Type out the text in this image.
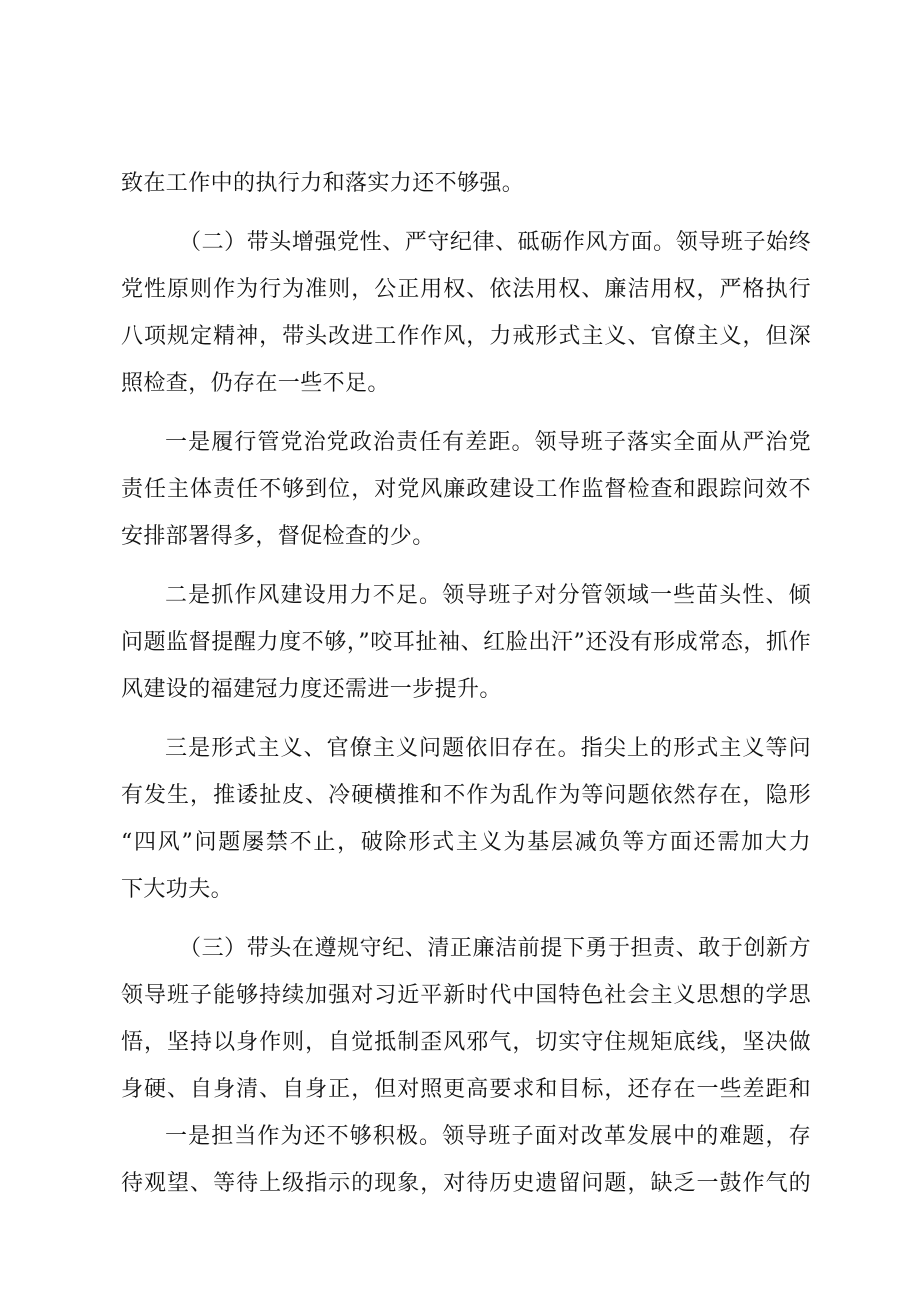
致在工作中的执行力和落实力还不够强。
（二）带头增强党性、严守纪律、砥砺作风方面。领导班子始终
党性原则作为行为准则，公正用权、依法用权、廉洁用权，严格执行
八项规定精神，带头改进工作作风，力戒形式主义、官僚主义，但深
照检查，仍存在一些不足。
一是履行管党治党政治责任有差距。领导班子落实全面从严治党
责任主体责任不够到位，对党风廉政建设工作监督检查和跟踪问效不
安排部署得多，督促检查的少。
二是抓作风建设用力不足。领导班子对分管领域一些苗头性、倾
问题监督提醒力度不够，”咬耳扯袖、红脸出汗”还没有形成常态，抓作
风建设的福建冠力度还需进一步提升。
三是形式主义、官僚主义问题依旧存在。指尖上的形式主义等问
有发生，推诿扯皮、冷硬横推和不作为乱作为等问题依然存在，隐形
“四风”问题屡禁不止，破除形式主义为基层减负等方面还需加大力
下大功夫。
（三）带头在遵规守纪、清正廉洁前提下勇于担责、敢于创新方
领导班子能够持续加强对习近平新时代中国特色社会主义思想的学思
悟，坚持以身作则，自觉抵制歪风邪气，切实守住规矩底线，坚决做
身硬、自身清、自身正，但对照更高要求和目标，还存在一些差距和
一是担当作为还不够积极。领导班子面对改革发展中的难题，存
待观望、等待上级指示的现象，对待历史遗留问题，缺乏一鼓作气的
